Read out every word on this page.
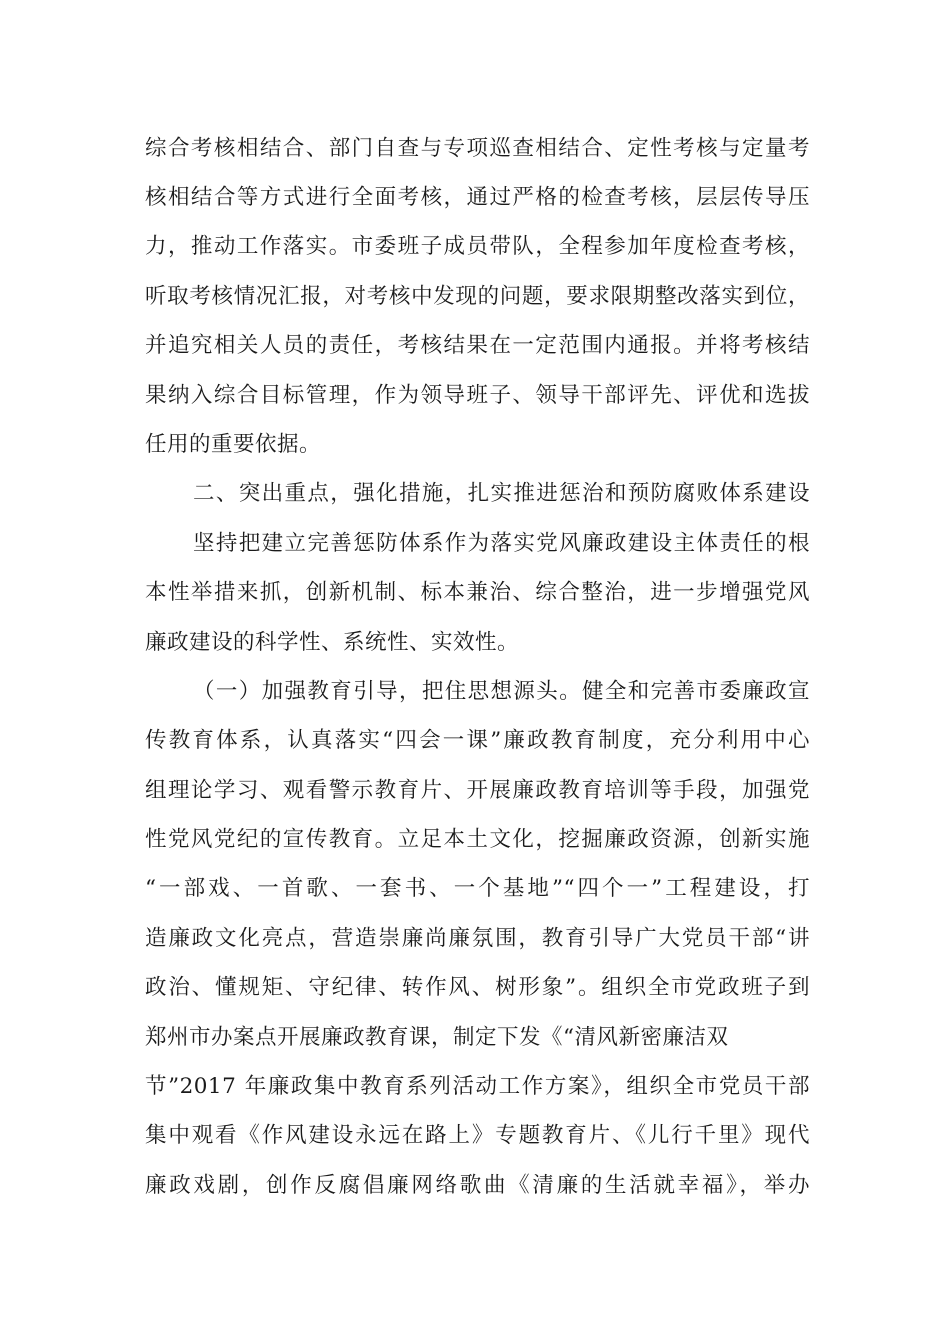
综合考核相结合、部门自查与专项巡查相结合、定性考核与定量考
核相结合等方式进行全面考核，通过严格的检查考核，层层传导压
力，推动工作落实。市委班子成员带队，全程参加年度检查考核，
听取考核情况汇报，对考核中发现的问题，要求限期整改落实到位，
并追究相关人员的责任，考核结果在一定范围内通报。并将考核结
果纳入综合目标管理，作为领导班子、领导干部评先、评优和选拔
任用的重要依据。
二、突出重点，强化措施，扎实推进惩治和预防腐败体系建设
坚持把建立完善惩防体系作为落实党风廉政建设主体责任的根
本性举措来抓，创新机制、标本兼治、综合整治，进一步增强党风
廉政建设的科学性、系统性、实效性。
（一）加强教育引导，把住思想源头。健全和完善市委廉政宣
传教育体系，认真落实“四会一课”廉政教育制度，充分利用中心
组理论学习、观看警示教育片、开展廉政教育培训等手段，加强党
性党风党纪的宣传教育。立足本土文化，挖掘廉政资源，创新实施
“一部戏、一首歌、一套书、一个基地”“四个一”工程建设，打
造廉政文化亮点，营造崇廉尚廉氛围，教育引导广大党员干部“讲
政治、懂规矩、守纪律、转作风、树形象”。组织全市党政班子到
郑州市办案点开展廉政教育课，制定下发《“清风新密廉洁双
节”2017 年廉政集中教育系列活动工作方案》，组织全市党员干部
集中观看《作风建设永远在路上》专题教育片、《儿行千里》现代
廉政戏剧，创作反腐倡廉网络歌曲《清廉的生活就幸福》，举办
